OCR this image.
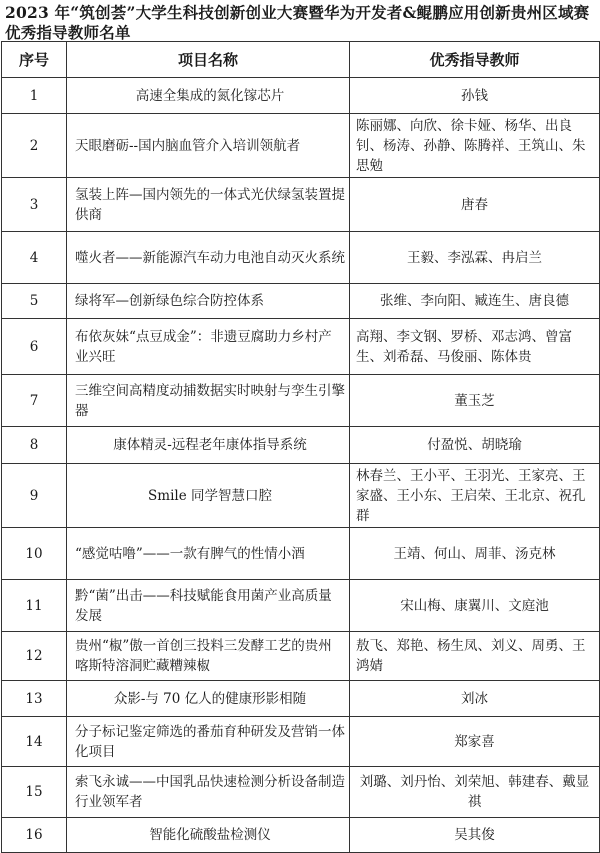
2023 年“筑创荟”大学生科技创新创业大赛暨华为开发者&鲲鹏应用创新贵州区域赛优秀指导教师名单
序号	项目名称	优秀指导教师
1	高速全集成的氮化镓芯片	孙钱
2	天眼磨砺--国内脑血管介入培训领航者	陈丽娜、向欣、徐卡娅、杨华、出良钊、杨涛、孙静、陈腾祥、王筑山、朱思勉
3	氢装上阵—国内领先的一体式光伏绿氢装置提供商	唐春
4	噬火者——新能源汽车动力电池自动灭火系统	王毅、李泓霖、冉启兰
5	绿将军—创新绿色综合防控体系	张维、李向阳、臧连生、唐良德
6	布依灰妹“点豆成金”：非遗豆腐助力乡村产业兴旺	高翔、李文钢、罗桥、邓志鸿、曾富生、刘希磊、马俊丽、陈体贵
7	三维空间高精度动捕数据实时映射与孪生引擎器	董玉芝
8	康体精灵-远程老年康体指导系统	付盈悦、胡晓瑜
9	Smile 同学智慧口腔	林春兰、王小平、王羽光、王家亮、王家盛、王小东、王启荣、王北京、祝孔群
10	“感觉咕噜”——一款有脾气的性情小酒	王靖、何山、周菲、汤克林
11	黔“菌”出击——科技赋能食用菌产业高质量发展	宋山梅、康翼川、文庭池
12	贵州“椒”傲一首创三投料三发酵工艺的贵州喀斯特溶洞贮藏糟辣椒	敖飞、郑艳、杨生凤、刘义、周勇、王鸿婧
13	众影-与 70 亿人的健康形影相随	刘冰
14	分子标记鉴定筛选的番茄育种研发及营销一体化项目	郑家喜
15	索飞永诚——中国乳品快速检测分析设备制造行业领军者	刘璐、刘丹怡、刘荣旭、韩建春、戴显祺
16	智能化硫酸盐检测仪	吴其俊
